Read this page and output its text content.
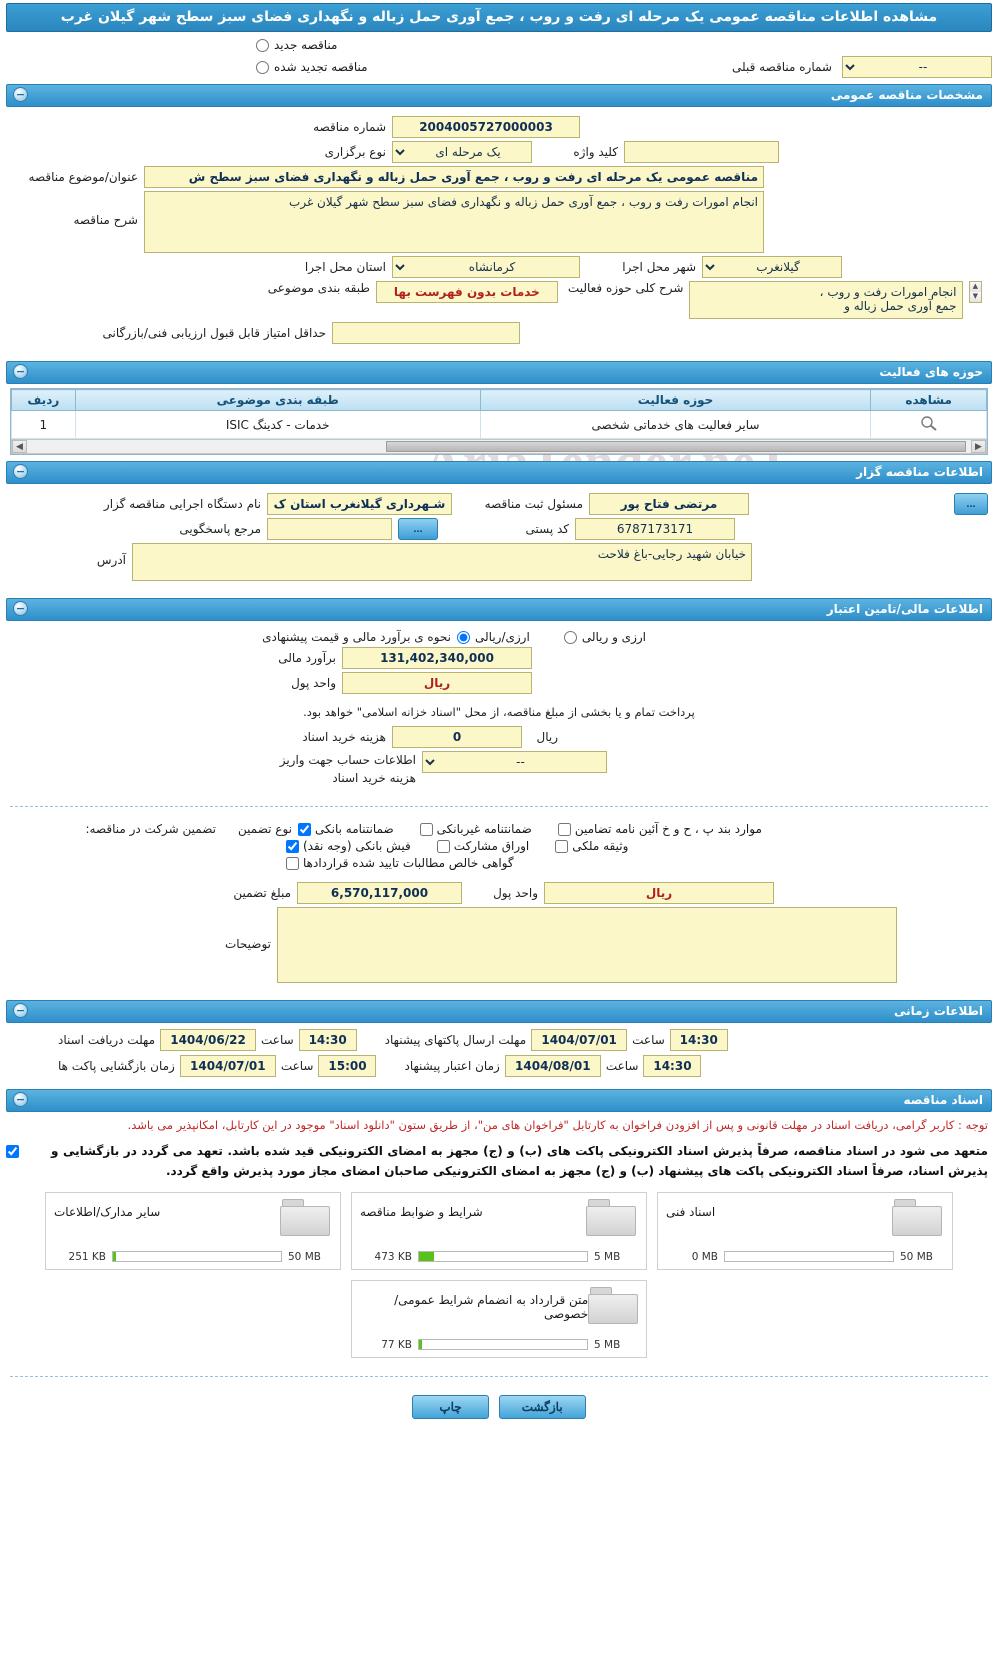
مشاهده اطلاعات مناقصه عمومی یک مرحله ای رفت و روب ، جمع آوری حمل زباله و نگهداری فضای سبز سطح شهر گیلان غرب
مناقصه جدید
--
شماره مناقصه قبلی
مناقصه تجدید شده
−	مشخصات مناقصه عمومی
2004005727000003
شماره مناقصه
کلید واژه
یک مرحله ای
نوع برگزاری
مناقصه عمومی یک مرحله ای رفت و روب ، جمع آوری حمل زباله و نگهداری فضای سبز سطح ش
عنوان/موضوع مناقصه
انجام امورات رفت و روب ، جمع آوری حمل زباله و نگهداری فضای سبز سطح شهر گیلان غرب
شرح مناقصه
گیلانغرب
شهر محل اجرا
کرمانشاه
استان محل اجرا
▲
▼
انجام امورات رفت و روب ، جمع آوری حمل زباله و
شرح کلی حوزه فعالیت
خدمات بدون فهرست بها
طبقه بندی موضوعی
حداقل امتیاز قابل قبول ارزیابی فنی/بازرگانی
−	حوزه های فعالیت
مشاهده	حوزه فعالیت	طبقه بندی موضوعی	ردیف
	سایر فعالیت های خدماتی شخصی	خدمات - کدینگ ISIC	1
◀	▶
−	اطلاعات مناقصه گزار
...
مرتضی فتاح پور
مسئول ثبت مناقصه
شـهرداری گیلانغرب استان ک
نام دستگاه اجرایی مناقصه گزار
6787173171
کد پستی
...
مرجع پاسخگویی
خیابان شهید رجایی-باغ فلاحت
آدرس
−	اطلاعات مالی/تامین اعتبار
ارزی و ریالی
ارزی/ریالی
نحوه ی برآورد مالی و قیمت پیشنهادی
131,402,340,000
برآورد مالی
ریال
واحد پول
پرداخت تمام و یا بخشی از مبلغ مناقصه، از محل "اسناد خزانه اسلامی" خواهد بود.
ریال
0
هزینه خرید اسناد
--
اطلاعات حساب جهت واریز هزینه خرید اسناد
موارد بند پ ، ح و خ آئین نامه تضامین
ضمانتنامه غیربانکی
ضمانتنامه بانکی
نوع تضمین
تضمین شرکت در مناقصه:
وثیقه ملکی
اوراق مشارکت
فیش بانکی (وجه نقد)
گواهی خالص مطالبات تایید شده قراردادها
ریال
واحد پول
6,570,117,000
مبلغ تضمین
توضیحات
−	اطلاعات زمانی
14:30
ساعت
1404/07/01
مهلت ارسال پاکتهای پیشنهاد
14:30
ساعت
1404/06/22
مهلت دریافت اسناد
14:30
ساعت
1404/08/01
زمان اعتبار پیشنهاد
15:00
ساعت
1404/07/01
زمان بازگشایی پاکت ها
−	اسناد مناقصه
توجه : کاربر گرامی، دریافت اسناد در مهلت قانونی و پس از افزودن فراخوان به کارتابل "فراخوان های من"، از طریق ستون "دانلود اسناد" موجود در این کارتابل، امکانپذیر می باشد.
متعهد می شود در اسناد مناقصه، صرفاً پذیرش اسناد الکترونیکی پاکت های (ب) و (ج) مجهز به امضای الکترونیکی قید شده باشد. تعهد می گردد در بازگشایی و پذیرش اسناد، صرفاً اسناد الکترونیکی پاکت های پیشنهاد (ب) و (ج) مجهز به امضای الکترونیکی صاحبان امضای مجاز مورد پذیرش واقع گردد.
اسناد فنی
0 MB	50 MB
شرایط و ضوابط مناقصه
473 KB	5 MB
سایر مدارک/اطلاعات
251 KB	50 MB
متن قرارداد به انضمام شرایط عمومی/خصوصی
77 KB	5 MB
بازگشت
چاپ
